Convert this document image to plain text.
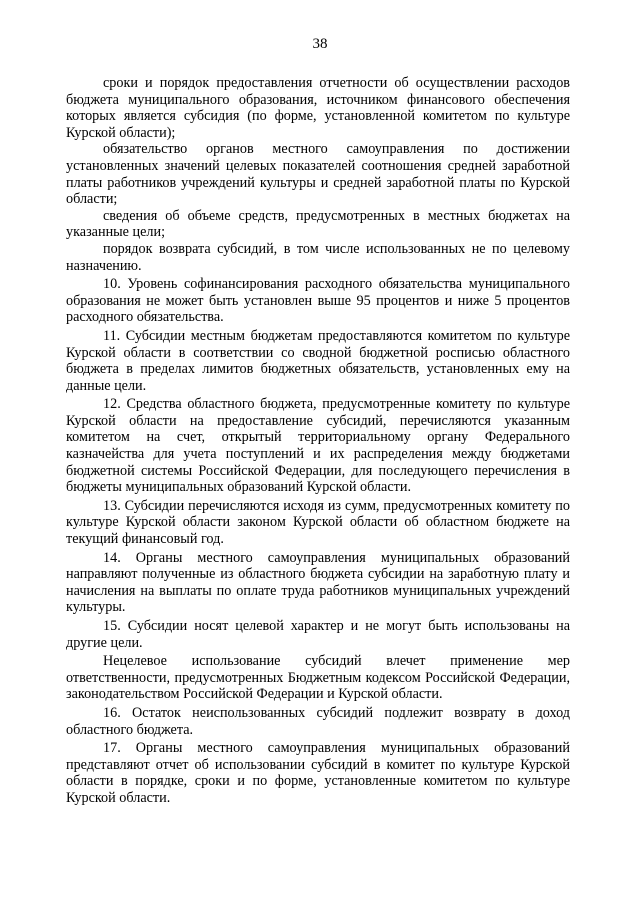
38

сроки и порядок предоставления отчетности об осуществлении расходов бюджета муниципального образования, источником финансового обеспечения которых является субсидия (по форме, установленной комитетом по культуре Курской области);

обязательство органов местного самоуправления по достижении установленных значений целевых показателей соотношения средней заработной платы работников учреждений культуры и средней заработной платы по Курской области;

сведения об объеме средств, предусмотренных в местных бюджетах на указанные цели;

порядок возврата субсидий, в том числе использованных не по целевому назначению.

10. Уровень софинансирования расходного обязательства муниципального образования не может быть установлен выше 95 процентов и ниже 5 процентов расходного обязательства.

11. Субсидии местным бюджетам предоставляются комитетом по культуре Курской области в соответствии со сводной бюджетной росписью областного бюджета в пределах лимитов бюджетных обязательств, установленных ему на данные цели.

12. Средства областного бюджета, предусмотренные комитету по культуре Курской области на предоставление субсидий, перечисляются указанным комитетом на счет, открытый территориальному органу Федерального казначейства для учета поступлений и их распределения между бюджетами бюджетной системы Российской Федерации, для последующего перечисления в бюджеты муниципальных образований Курской области.

13. Субсидии перечисляются исходя из сумм, предусмотренных комитету по культуре Курской области законом Курской области об областном бюджете на текущий финансовый год.

14. Органы местного самоуправления муниципальных образований направляют полученные из областного бюджета субсидии на заработную плату и начисления на выплаты по оплате труда работников муниципальных учреждений культуры.

15. Субсидии носят целевой характер и не могут быть использованы на другие цели.

Нецелевое использование субсидий влечет применение мер ответственности, предусмотренных Бюджетным кодексом Российской Федерации, законодательством Российской Федерации и Курской области.

16. Остаток неиспользованных субсидий подлежит возврату в доход областного бюджета.

17. Органы местного самоуправления муниципальных образований представляют отчет об использовании субсидий в комитет по культуре Курской области в порядке, сроки и по форме, установленные комитетом по культуре Курской области.
